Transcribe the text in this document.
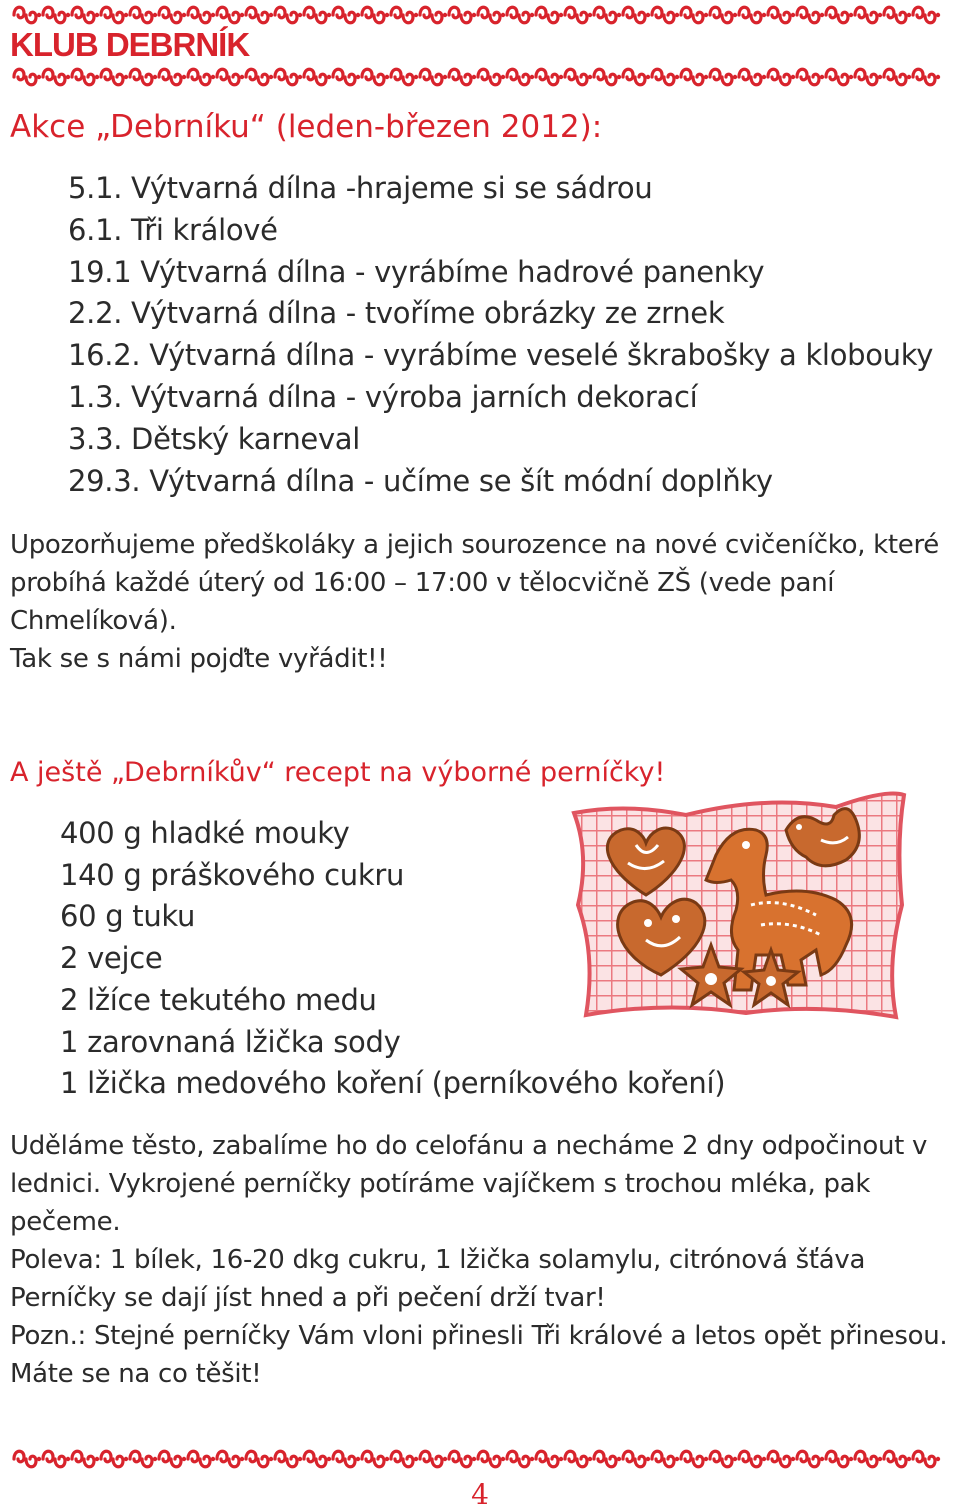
KLUB DEBRNÍK
Akce „Debrníku“ (leden-březen 2012):
5.1. Výtvarná dílna -hrajeme si se sádrou
6.1. Tři králové
19.1 Výtvarná dílna - vyrábíme hadrové panenky
2.2. Výtvarná dílna - tvoříme obrázky ze zrnek
16.2. Výtvarná dílna - vyrábíme veselé škrabošky a klobouky
1.3. Výtvarná dílna - výroba jarních dekorací
3.3. Dětský karneval
29.3. Výtvarná dílna - učíme se šít módní doplňky
Upozorňujeme předškoláky a jejich sourozence na nové cvičeníčko, které probíhá každé úterý od 16:00 – 17:00 v tělocvičně ZŠ (vede paní Chmelíková).
Tak se s námi pojďte vyřádit!!
A ještě „Debrníkův“ recept na výborné perníčky!
400 g hladké mouky
140 g práškového cukru
60 g tuku
2 vejce
2 lžíce tekutého medu
1 zarovnaná lžička sody
1 lžička medového koření (perníkového koření)
Uděláme těsto, zabalíme ho do celofánu a necháme 2 dny odpočinout v lednici. Vykrojené perníčky potíráme vajíčkem s trochou mléka, pak pečeme.
Poleva: 1 bílek, 16-20 dkg cukru, 1 lžička solamylu, citrónová šťáva
Perníčky se dají jíst hned a při pečení drží tvar!
Pozn.: Stejné perníčky Vám vloni přinesli Tři králové a letos opět přinesou. Máte se na co těšit!
4
